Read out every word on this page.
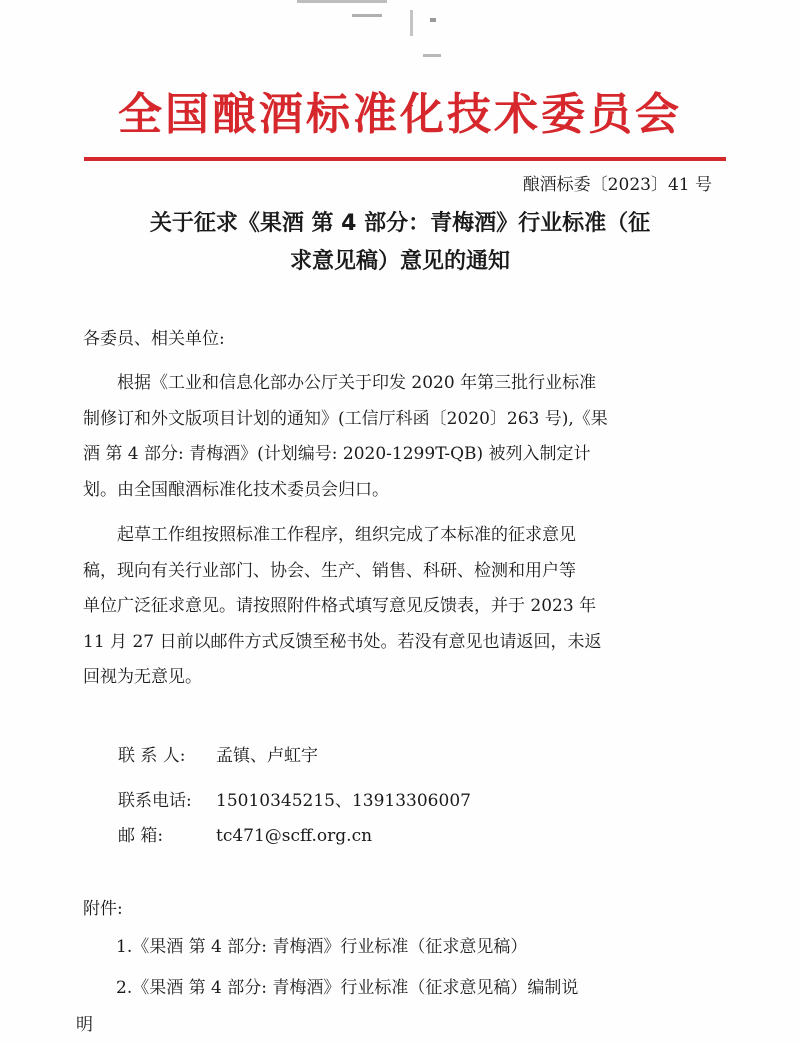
全国酿酒标准化技术委员会
酿酒标委〔2023〕41 号
关于征求《果酒 第 4 部分：青梅酒》行业标准（征
求意见稿）意见的通知
各委员、相关单位:
根据《工业和信息化部办公厅关于印发 2020 年第三批行业标准
制修订和外文版项目计划的通知》(工信厅科函〔2020〕263 号),《果
酒 第 4 部分: 青梅酒》(计划编号: 2020-1299T-QB) 被列入制定计
划。由全国酿酒标准化技术委员会归口。
起草工作组按照标准工作程序，组织完成了本标准的征求意见
稿，现向有关行业部门、协会、生产、销售、科研、检测和用户等
单位广泛征求意见。请按照附件格式填写意见反馈表，并于 2023 年
11 月 27 日前以邮件方式反馈至秘书处。若没有意见也请返回，未返
回视为无意见。
联 系 人: 孟镇、卢虹宇
联系电话: 15010345215、13913306007
邮 箱:	tc471@scff.org.cn
附件:
1.《果酒 第 4 部分: 青梅酒》行业标准（征求意见稿）
2.《果酒 第 4 部分: 青梅酒》行业标准（征求意见稿）编制说
明
